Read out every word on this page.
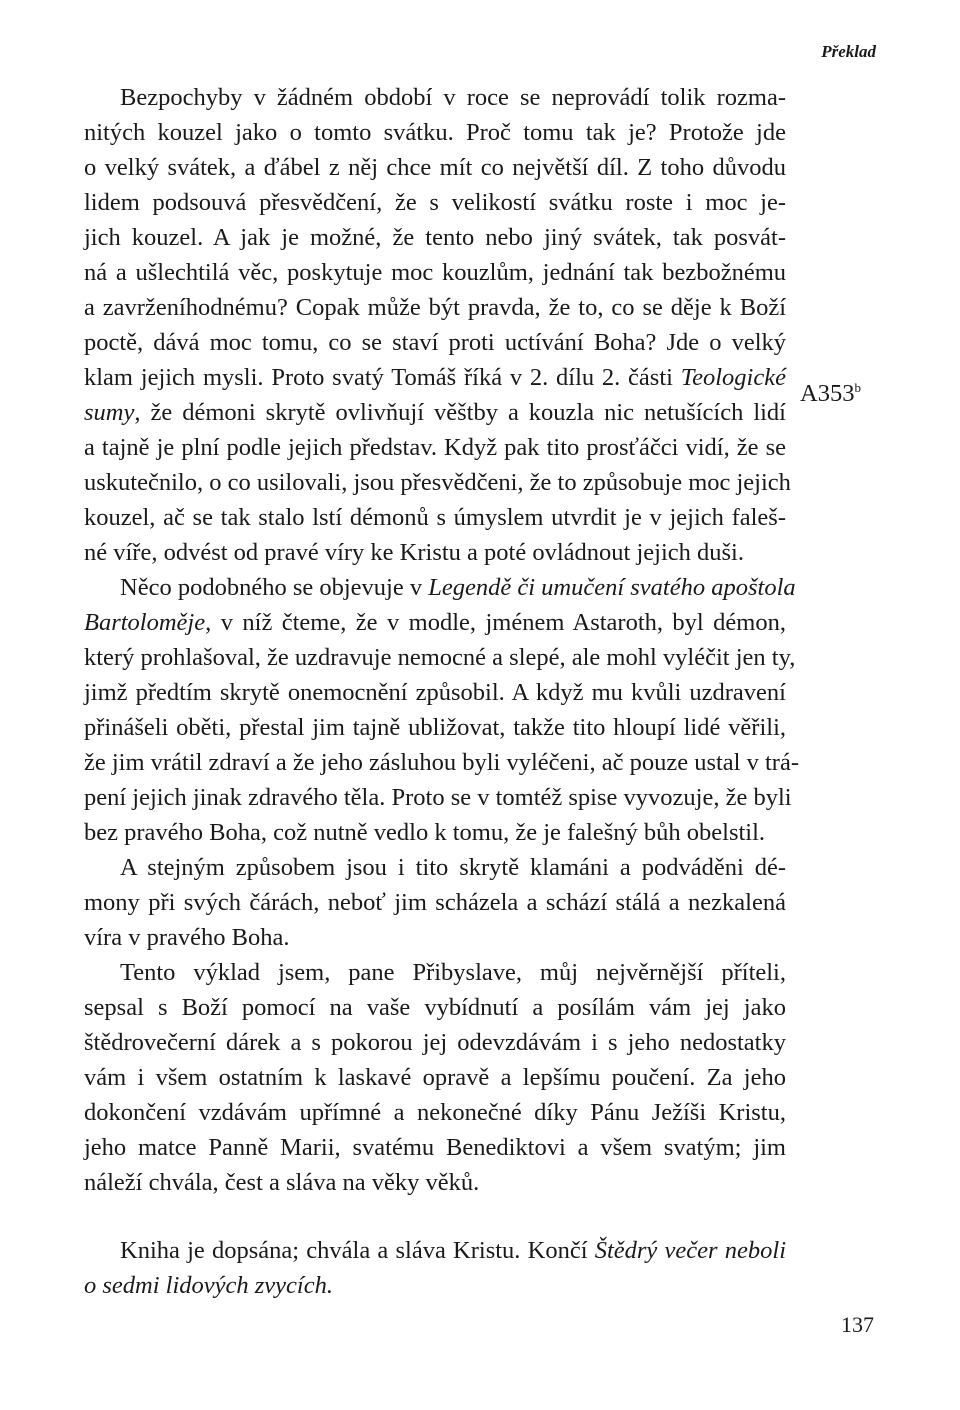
Překlad
Bezpochyby v žádném období v roce se neprovádí tolik rozma-
nitých kouzel jako o tomto svátku. Proč tomu tak je? Protože jde
o velký svátek, a ďábel z něj chce mít co největší díl. Z toho důvodu
lidem podsouvá přesvědčení, že s velikostí svátku roste i moc je-
jich kouzel. A jak je možné, že tento nebo jiný svátek, tak posvát-
ná a ušlechtilá věc, poskytuje moc kouzlům, jednání tak bezbožnému
a zavrženíhodnému? Copak může být pravda, že to, co se děje k Boží
poctě, dává moc tomu, co se staví proti uctívání Boha? Jde o velký
klam jejich mysli. Proto svatý Tomáš říká v 2. dílu 2. části Teologické
sumy, že démoni skrytě ovlivňují věštby a kouzla nic netušících lidí
a tajně je plní podle jejich představ. Když pak tito prosťáčci vidí, že se
uskutečnilo, o co usilovali, jsou přesvědčeni, že to způsobuje moc jejich
kouzel, ač se tak stalo lstí démonů s úmyslem utvrdit je v jejich faleš-
né víře, odvést od pravé víry ke Kristu a poté ovládnout jejich duši.
Něco podobného se objevuje v Legendě či umučení svatého apoštola
Bartoloměje, v níž čteme, že v modle, jménem Astaroth, byl démon,
který prohlašoval, že uzdravuje nemocné a slepé, ale mohl vyléčit jen ty,
jimž předtím skrytě onemocnění způsobil. A když mu kvůli uzdravení
přinášeli oběti, přestal jim tajně ubližovat, takže tito hloupí lidé věřili,
že jim vrátil zdraví a že jeho zásluhou byli vyléčeni, ač pouze ustal v trá-
pení jejich jinak zdravého těla. Proto se v tomtéž spise vyvozuje, že byli
bez pravého Boha, což nutně vedlo k tomu, že je falešný bůh obelstil.
A stejným způsobem jsou i tito skrytě klamáni a podváděni dé-
mony při svých čárách, neboť jim scházela a schází stálá a nezkalená
víra v pravého Boha.
Tento výklad jsem, pane Přibyslave, můj nejvěrnější příteli,
sepsal s Boží pomocí na vaše vybídnutí a posílám vám jej jako
štědrovečerní dárek a s pokorou jej odevzdávám i s jeho nedostatky
vám i všem ostatním k laskavé opravě a lepšímu poučení. Za jeho
dokončení vzdávám upřímné a nekonečné díky Pánu Ježíši Kristu,
jeho matce Panně Marii, svatému Benediktovi a všem svatým; jim
náleží chvála, čest a sláva na věky věků.
Kniha je dopsána; chvála a sláva Kristu. Končí Štědrý večer neboli
o sedmi lidových zvycích.
A353$^b$
137
